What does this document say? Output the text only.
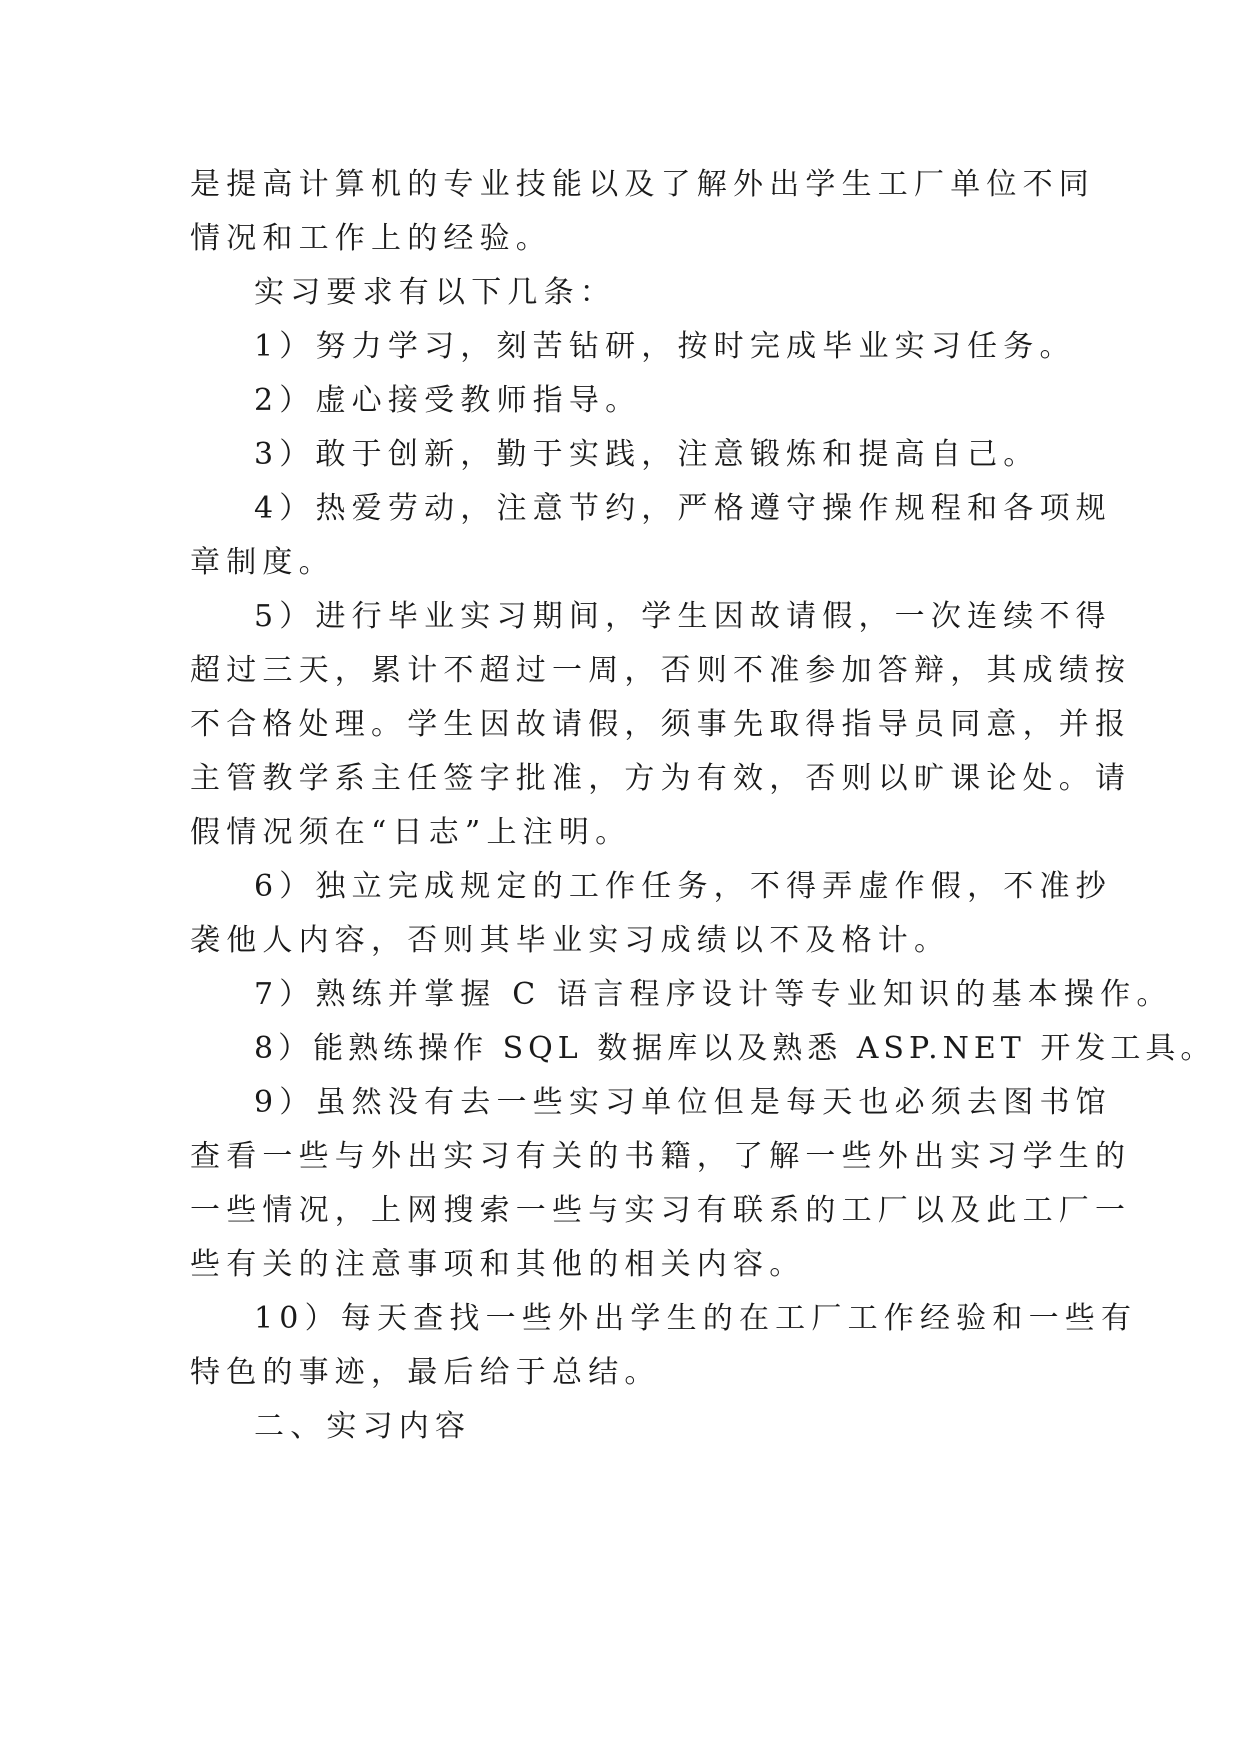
是提高计算机的专业技能以及了解外出学生工厂单位不同
情况和工作上的经验。
实习要求有以下几条：
1）努力学习，刻苦钻研，按时完成毕业实习任务。
2）虚心接受教师指导。
3）敢于创新，勤于实践，注意锻炼和提高自己。
4）热爱劳动，注意节约，严格遵守操作规程和各项规
章制度。
5）进行毕业实习期间，学生因故请假，一次连续不得
超过三天，累计不超过一周，否则不准参加答辩，其成绩按
不合格处理。学生因故请假，须事先取得指导员同意，并报
主管教学系主任签字批准，方为有效，否则以旷课论处。请
假情况须在“日志”上注明。
6）独立完成规定的工作任务，不得弄虚作假，不准抄
袭他人内容，否则其毕业实习成绩以不及格计。
7）熟练并掌握 C 语言程序设计等专业知识的基本操作。
8）能熟练操作 SQL 数据库以及熟悉 ASP.NET 开发工具。
9）虽然没有去一些实习单位但是每天也必须去图书馆
查看一些与外出实习有关的书籍，了解一些外出实习学生的
一些情况，上网搜索一些与实习有联系的工厂以及此工厂一
些有关的注意事项和其他的相关内容。
10）每天查找一些外出学生的在工厂工作经验和一些有
特色的事迹，最后给于总结。
二、实习内容
